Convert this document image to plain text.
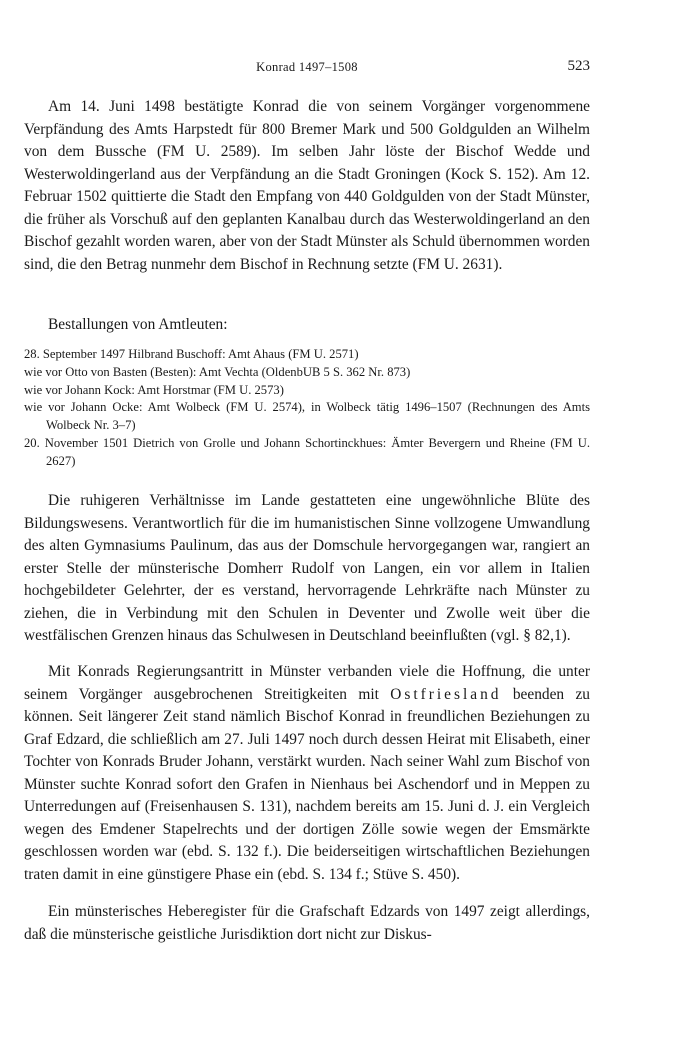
Konrad 1497–1508	523

Am 14. Juni 1498 bestätigte Konrad die von seinem Vorgänger vorgenommene Verpfändung des Amts Harpstedt für 800 Bremer Mark und 500 Goldgulden an Wilhelm von dem Bussche (FM U. 2589). Im selben Jahr löste der Bischof Wedde und Westerwoldingerland aus der Verpfändung an die Stadt Groningen (Kock S. 152). Am 12. Februar 1502 quittierte die Stadt den Empfang von 440 Goldgulden von der Stadt Münster, die früher als Vorschuß auf den geplanten Kanalbau durch das Westerwoldingerland an den Bischof gezahlt worden waren, aber von der Stadt Münster als Schuld übernommen worden sind, die den Betrag nunmehr dem Bischof in Rechnung setzte (FM U. 2631).

Bestallungen von Amtleuten:

28. September 1497 Hilbrand Buschoff: Amt Ahaus (FM U. 2571)
wie vor Otto von Basten (Besten): Amt Vechta (OldenbUB 5 S. 362 Nr. 873)
wie vor Johann Kock: Amt Horstmar (FM U. 2573)
wie vor Johann Ocke: Amt Wolbeck (FM U. 2574), in Wolbeck tätig 1496–1507 (Rechnungen des Amts Wolbeck Nr. 3–7)
20. November 1501 Dietrich von Grolle und Johann Schortinckhues: Ämter Bevergern und Rheine (FM U. 2627)

Die ruhigeren Verhältnisse im Lande gestatteten eine ungewöhnliche Blüte des Bildungswesens. Verantwortlich für die im humanistischen Sinne vollzogene Umwandlung des alten Gymnasiums Paulinum, das aus der Domschule hervorgegangen war, rangiert an erster Stelle der münsterische Domherr Rudolf von Langen, ein vor allem in Italien hochgebildeter Gelehrter, der es verstand, hervorragende Lehrkräfte nach Münster zu ziehen, die in Verbindung mit den Schulen in Deventer und Zwolle weit über die westfälischen Grenzen hinaus das Schulwesen in Deutschland beeinflußten (vgl. § 82,1).

Mit Konrads Regierungsantritt in Münster verbanden viele die Hoffnung, die unter seinem Vorgänger ausgebrochenen Streitigkeiten mit Ostfriesland beenden zu können. Seit längerer Zeit stand nämlich Bischof Konrad in freundlichen Beziehungen zu Graf Edzard, die schließlich am 27. Juli 1497 noch durch dessen Heirat mit Elisabeth, einer Tochter von Konrads Bruder Johann, verstärkt wurden. Nach seiner Wahl zum Bischof von Münster suchte Konrad sofort den Grafen in Nienhaus bei Aschendorf und in Meppen zu Unterredungen auf (Freisenhausen S. 131), nachdem bereits am 15. Juni d. J. ein Vergleich wegen des Emdener Stapelrechts und der dortigen Zölle sowie wegen der Emsmärkte geschlossen worden war (ebd. S. 132 f.). Die beiderseitigen wirtschaftlichen Beziehungen traten damit in eine günstigere Phase ein (ebd. S. 134 f.; Stüve S. 450).

Ein münsterisches Heberegister für die Grafschaft Edzards von 1497 zeigt allerdings, daß die münsterische geistliche Jurisdiktion dort nicht zur Diskus-
